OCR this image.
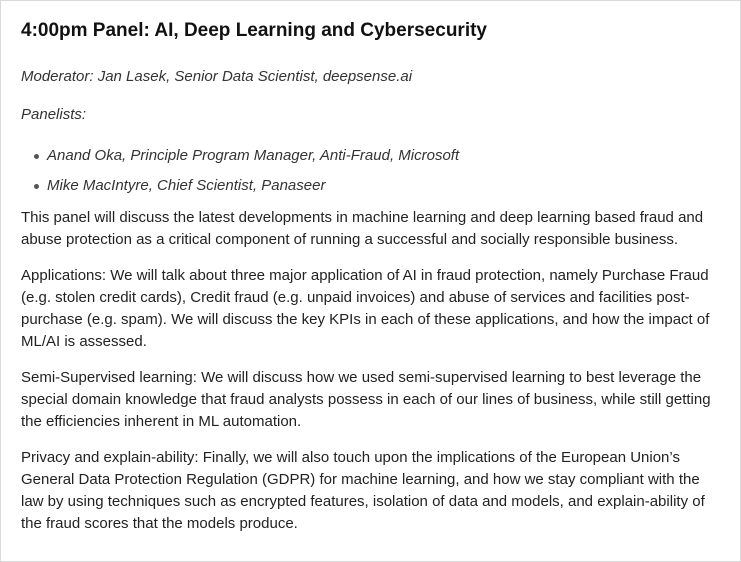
4:00pm Panel: AI, Deep Learning and Cybersecurity

Moderator: Jan Lasek, Senior Data Scientist, deepsense.ai

Panelists:

Anand Oka, Principle Program Manager, Anti-Fraud, Microsoft
Mike MacIntyre, Chief Scientist, Panaseer

This panel will discuss the latest developments in machine learning and deep learning based fraud and abuse protection as a critical component of running a successful and socially responsible business.

Applications: We will talk about three major application of AI in fraud protection, namely Purchase Fraud (e.g. stolen credit cards), Credit fraud (e.g. unpaid invoices) and abuse of services and facilities post-purchase (e.g. spam). We will discuss the key KPIs in each of these applications, and how the impact of ML/AI is assessed.

Semi-Supervised learning: We will discuss how we used semi-supervised learning to best leverage the special domain knowledge that fraud analysts possess in each of our lines of business, while still getting the efficiencies inherent in ML automation.

Privacy and explain-ability: Finally, we will also touch upon the implications of the European Union’s General Data Protection Regulation (GDPR) for machine learning, and how we stay compliant with the law by using techniques such as encrypted features, isolation of data and models, and explain-ability of the fraud scores that the models produce.
